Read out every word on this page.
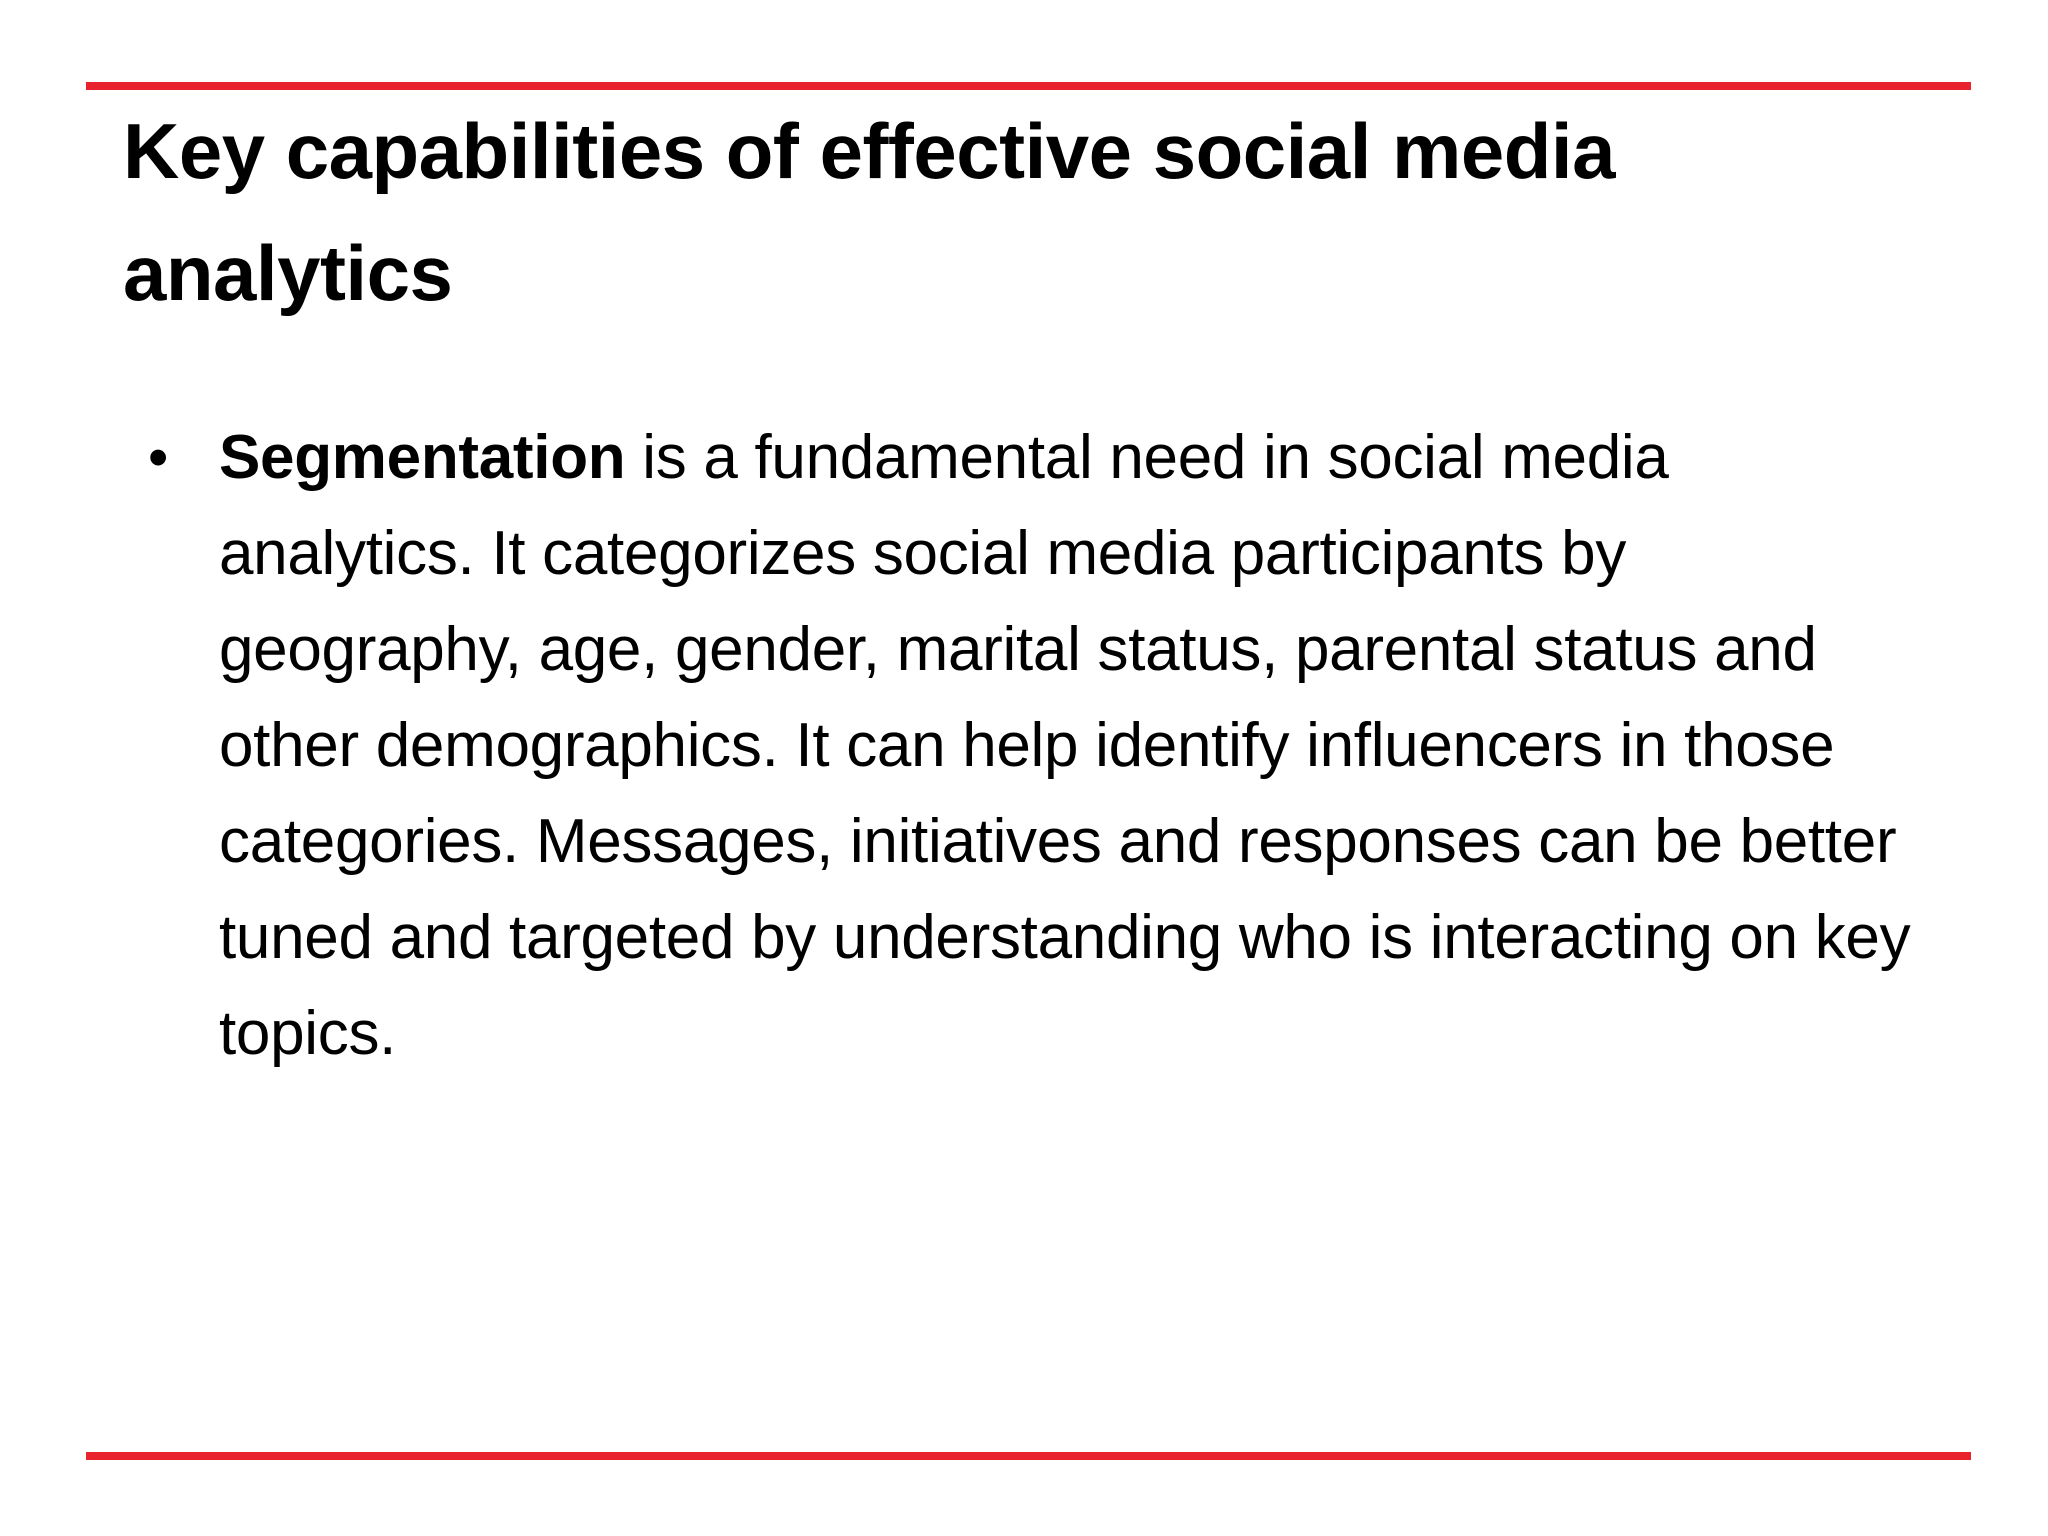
Key capabilities of effective social media analytics
• Segmentation is a fundamental need in social media analytics. It categorizes social media participants by geography, age, gender, marital status, parental status and other demographics. It can help identify influencers in those categories. Messages, initiatives and responses can be better tuned and targeted by understanding who is interacting on key topics.
